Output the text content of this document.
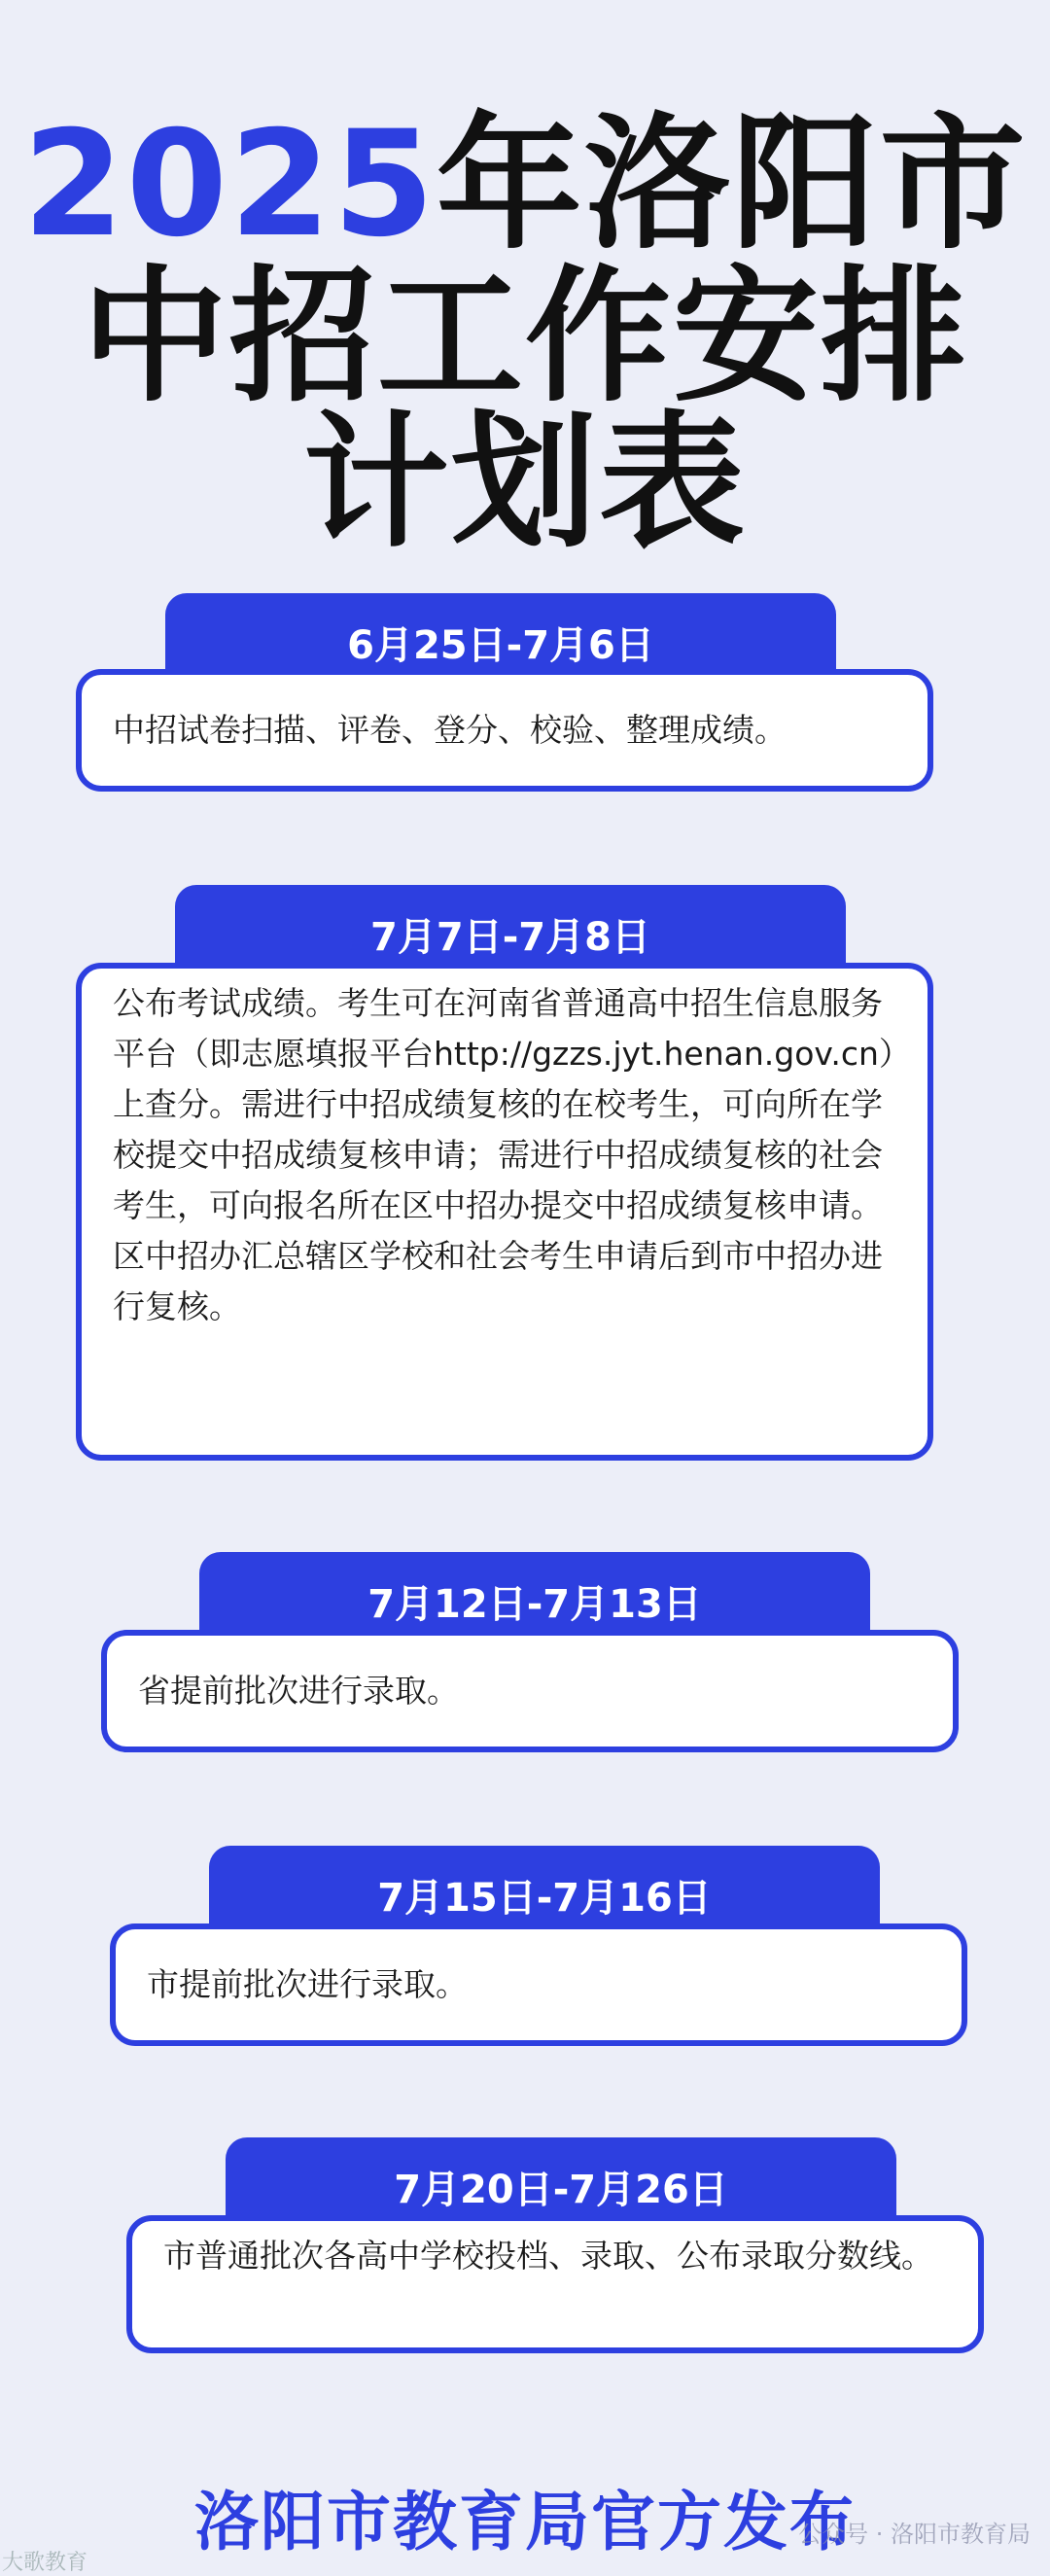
2025年洛阳市
中招工作安排
计划表
6月25日-7月6日
中招试卷扫描、评卷、登分、校验、整理成绩。
7月7日-7月8日
公布考试成绩。考生可在河南省普通高中招生信息服务平台（即志愿填报平台http://gzzs.jyt.henan.gov.cn）上查分。需进行中招成绩复核的在校考生，可向所在学校提交中招成绩复核申请；需进行中招成绩复核的社会考生，可向报名所在区中招办提交中招成绩复核申请。区中招办汇总辖区学校和社会考生申请后到市中招办进行复核。
7月12日-7月13日
省提前批次进行录取。
7月15日-7月16日
市提前批次进行录取。
7月20日-7月26日
市普通批次各高中学校投档、录取、公布录取分数线。
洛阳市教育局官方发布
大歌教育
公众号 · 洛阳市教育局
